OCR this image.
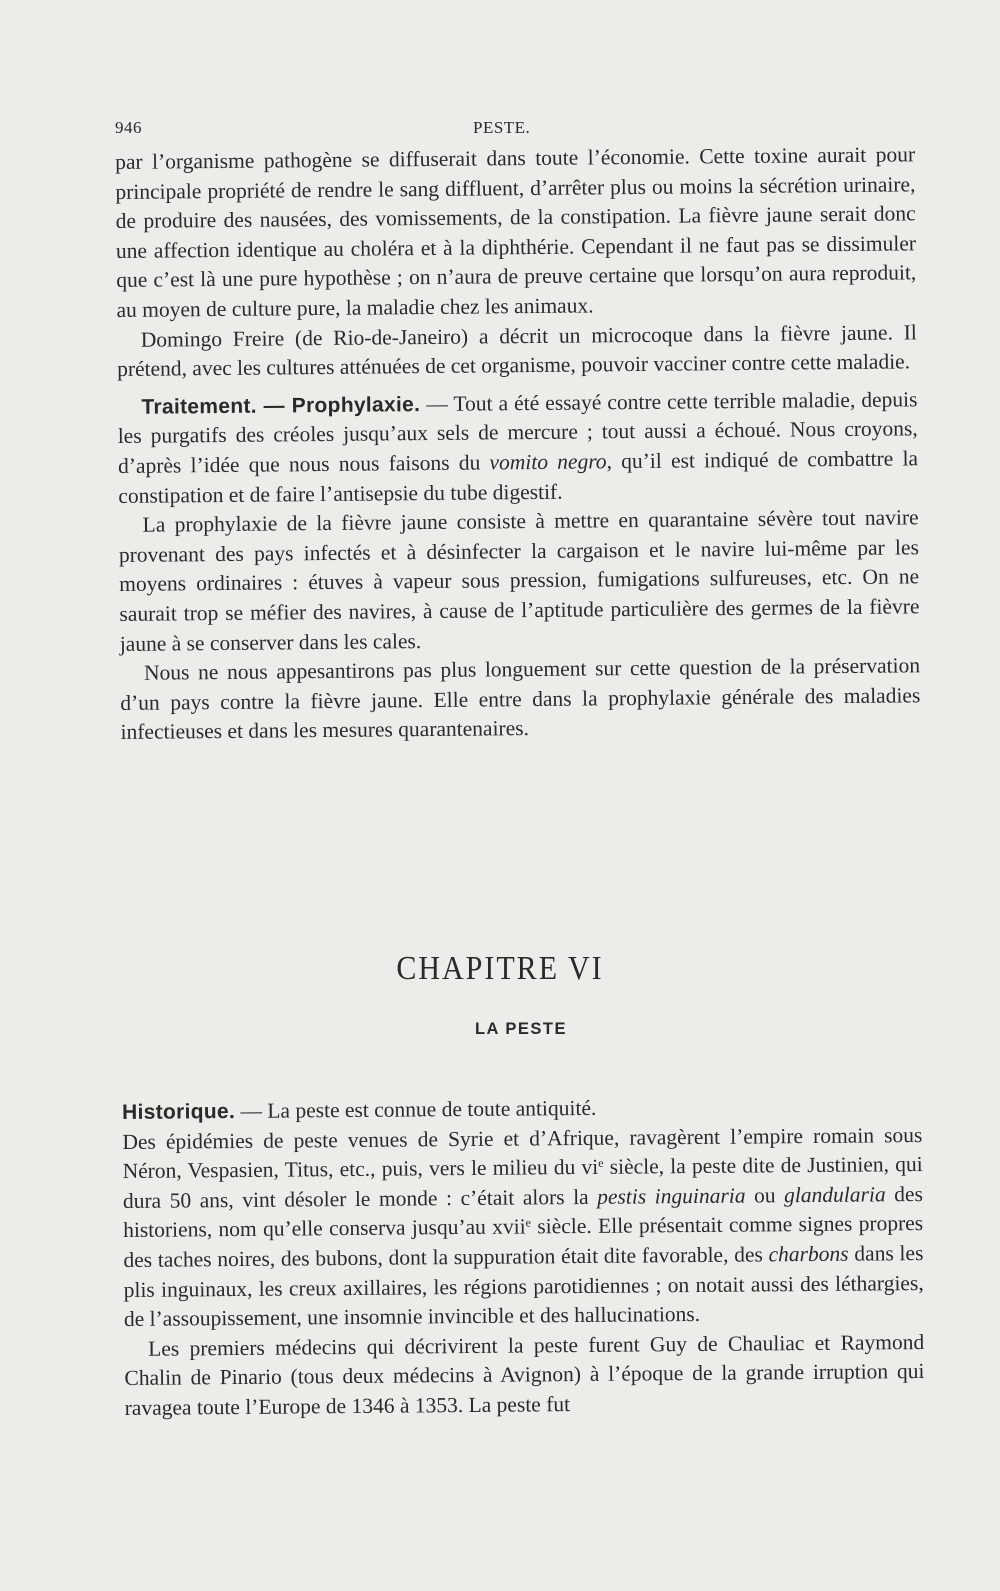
946	PESTE.

par l’organisme pathogène se diffuserait dans toute l’économie. Cette toxine aurait pour principale propriété de rendre le sang diffluent, d’arrêter plus ou moins la sécrétion urinaire, de produire des nausées, des vomissements, de la constipation. La fièvre jaune serait donc une affection identique au choléra et à la diphthérie. Cependant il ne faut pas se dissimuler que c’est là une pure hypothèse ; on n’aura de preuve certaine que lorsqu’on aura reproduit, au moyen de culture pure, la maladie chez les animaux.

Domingo Freire (de Rio-de-Janeiro) a décrit un microcoque dans la fièvre jaune. Il prétend, avec les cultures atténuées de cet organisme, pouvoir vacciner contre cette maladie.

Traitement. — Prophylaxie. — Tout a été essayé contre cette terrible maladie, depuis les purgatifs des créoles jusqu’aux sels de mercure ; tout aussi a échoué. Nous croyons, d’après l’idée que nous nous faisons du vomito negro, qu’il est indiqué de combattre la constipation et de faire l’antisepsie du tube digestif.

La prophylaxie de la fièvre jaune consiste à mettre en quarantaine sévère tout navire provenant des pays infectés et à désinfecter la cargaison et le navire lui-même par les moyens ordinaires : étuves à vapeur sous pression, fumigations sulfureuses, etc. On ne saurait trop se méfier des navires, à cause de l’aptitude particulière des germes de la fièvre jaune à se conserver dans les cales.

Nous ne nous appesantirons pas plus longuement sur cette question de la préservation d’un pays contre la fièvre jaune. Elle entre dans la prophylaxie générale des maladies infectieuses et dans les mesures quarantenaires.

CHAPITRE VI
LA PESTE

Historique. — La peste est connue de toute antiquité.

Des épidémies de peste venues de Syrie et d’Afrique, ravagèrent l’empire romain sous Néron, Vespasien, Titus, etc., puis, vers le milieu du $vi^e$ siècle, la peste dite de Justinien, qui dura 50 ans, vint désoler le monde : c’était alors la pestis inguinaria ou glandularia des historiens, nom qu’elle conserva jusqu’au xvii$^e$ siècle. Elle présentait comme signes propres des taches noires, des bubons, dont la suppuration était dite favorable, des charbons dans les plis inguinaux, les creux axillaires, les régions parotidiennes ; on notait aussi des léthargies, de l’assoupissement, une insomnie invincible et des hallucinations.

Les premiers médecins qui décrivirent la peste furent Guy de Chauliac et Raymond Chalin de Pinario (tous deux médecins à Avignon) à l’époque de la grande irruption qui ravagea toute l’Europe de 1346 à 1353. La peste fut
